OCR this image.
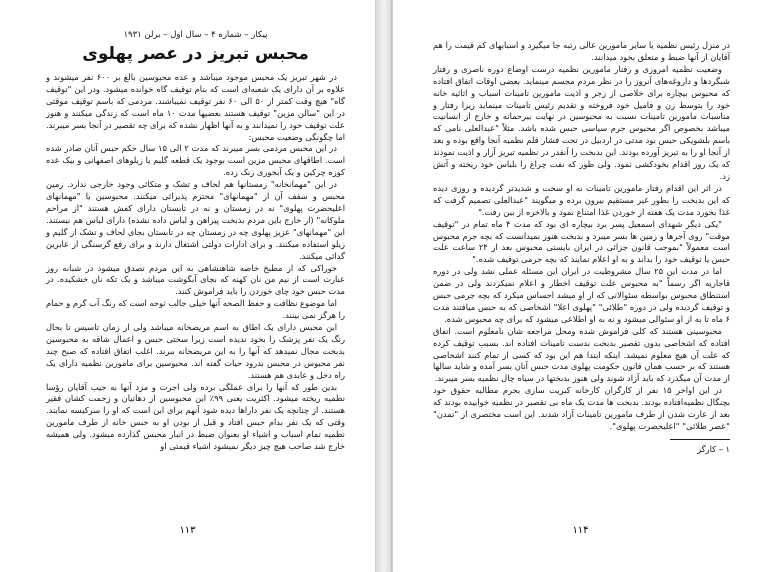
پیکار – شماره ۴ – سال اول – برلن ۱۹۳۱

محبس تبریز در عصر پهلوی

در شهر تبریز یک محبس موجود میباشد و عده محبوسین بالغ بر ۶۰۰ نفر میشوند و علاوه بر آن دارای یک شعبه‌ای است که بنام توقیف گاه خوانده میشود. ودر این "توقیف گاه" هیچ وقت کمتر از ۵۰ الی ۶۰ نفر توقیف نمیباشند. مردمی که باسم توقیف موقتی در این "سالن مزین" توقیف هستند بعضیها مدت ۱۰ ماه است که زندگی میکنند و هنوز علت توقیف خود را نمیدانند و به آنها اظهار نشده که برای چه تقصیر در آنجا بسر میبرند. اما چگونگی وضعیت محبس:

در این محبس مردمی بسر میبرند که مدت ۲ الی ۱۵ سال حکم حبس آنان صادر شده است. اطاقهای محبس مزین است بوجود یک قطعه گلیم یا زیلوهای اصفهانی و بیک عده کوزه چرکین و یک آبخوری زنک زده.

در این "مهمانخانه" زمستانها هم لحاف و تشک و متکائی وجود خارجی ندارد. زمین محبس و سقف آن از "مهمانهای" محترم پذیرائی میکنند. محبوسین یا "مهمانهای اعلیحضرت پهلوی" نه در زمستان و نه در تابستان دارای کفش هستند "از مراحم ملوکانه" (از خارج باین مردم بدبخت پیراهن و لباس داده نشده) دارای لباس هم نیستند. این "مهمانهای" عزیز پهلوی چه در زمستان چه در تابستان بجای لحاف و تشک از گلیم و زیلو استفاده میکنند. و برای ادارات دولتی اشتغال دارند و برای رفع گرسنگی از عابرین گدائی میکنند.

خوراکی که از مطبخ خاصه شاهنشاهی به این مردم تصدق میشود در شبانه روز عبارت است از نیم من نان کهنه که بجای آبگوشت میباشد و یک تکه نان خشکیده. در مدت حبس خود چای خوردن را باید فراموش کنند.

اما موضوع نظافت و حفظ الصحه آنها خیلی جالب توجه است که رنگ آب گرم و حمام را هرگز نمی بینند.

این محبس دارای یک اطاق به اسم مریضخانه میباشد ولی از زمان تاسیس تا بحال رنگ یک نفر پزشک را بخود ندیده است زیرا سختی حبس و اعمال شاقه به محبوسین بدبخت مجال نمیدهد که آنها را به این مریضخانه ببرند. اغلب اتفاق افتاده که صبح چند نفر محبوس در محبس بدرود حیات گفته اند. محبوسین برای مامورین نظمیه دارای یک راه دخل و عایدی هم هستند.

بدین طور که آنها را برای عملگی برده ولی اجرت و مزد آنها به جیب آقایان رؤسا نظمیه ریخته میشود. اکثریت یعنی ۹۹٪ این محبوسین از دهاتیان و زحمت کشان فقیر هستند. از چنانچه یک نفر داراها دیده شود آنهم برای این است که او را سرکیسه نمایند. وقتی که یک نفر بدام حبس افتاد و قبل از بودن او به حبس خانه از طرف مامورین نظمیه تمام اسباب و اشیاء او بعنوان ضبط در انبار محبس گذارده میشود. ولی همیشه خارج شد صاحب هیچ چیز دیگر نمیشود اشیاء قیمتی او

۱۱۳

در منزل رئیس نظمیه یا سایر مامورین عالی رتبه جا میگیرد و اسبابهای کم قیمت را هم آقایان از آنها ضبط و متعلق بخود میدانند.

وضعیت نظمیه امروزی و رفتار مامورین نظمیه درست اوضاع دوره ناصری و رفتار شبگردها و داروغه‌های آنروز را در نظر مردم مجسم مینماید. بعضی اوقات اتفاق افتاده که محبوس بیچاره برای خلاصی از زجر و اذیت مامورین تامینات اسباب و اثاثیه خانه خود را بتوسط زن و فامیل خود فروخته و تقدیم رئیس تامینات مینماید زیرا رفتار و مناسبات مامورین تامینات نسبت به محبوسین در نهایت بیرحمانه و خارج از انسانیت میباشد بخصوص اگر محبوس جرم سیاسی حبس شده باشد. مثلاً "عبدالعلی نامی که باسم بلشویکی حبس بود مدتی در اردبیل در تحت فشار قلم نظمیه آنجا واقع بوده و بعد از آنجا او را به تبریز آورده بودند. این بدبخت را آنقدر در نظمیه تبریز آزار و اذیت نمودند که یک روز اقدام بخودکشی نمود. ولی طور که نفت چراغ را بلباس خود ریخته و آتش زد.

در اثر این اقدام رفتار مامورین تامینات نه او سخت و شدیدتر گردیده و روزی دیده که این بدبخت را بطور غیر مستقیم بیرون برده و میگویند "عبدالعلی تصمیم گرفت که غذا بخورد مدت یک هفته از خوردن غذا امتناع نمود و بالاخره از بین رفت."

"یکی دیگر شهدای اسمعیل پسر برد بیچاره ای بود که مدت ۴ ماه تمام در "توقیف موقت" روی آجرها و زمین ها بسر میبرد و بدبخت هنوز نمیدانست که بچه جرم محبوس است معمولاً "بموجب قانون جزائی در ایران بایستی محبوس بعد از ۲۴ ساعت علت حبس یا توقیف خود را بداند و به او اعلام نمایند که بچه جرمی توقیف شده."

اما در مدت این ۲۵ سال مشروطیت در ایران این مسئله عملی نشد ولی در دوره قاجاریه اگر رسماً "به محبوس علت توقیف اخطار و اعلام نمیکردند ولی در ضمن استنطاق محبوس بواسطه سئوالاتی که از او میشد احساس میکرد که بچه جرمی حبس و توقیف گردیده ولی در دوره "طلائی" "پهلوی اعلا" اشخاصی که به حبس میافتند مدت ۶ ماه تا به از او سئوالی میشود و نه به او اطلاعی میشود که برای چه محبوس شده.

محبوسینی هستند که کلی فراموش شده ومحل مراجعه شان نامعلوم است. اتفاق افتاده که اشخاصی بدون تقصیر بدبخت بدست تامینات افتاده اند. بسبب توقیف کرده که علت آن هیچ معلوم نمیشد. اینکه ابتدا هم این بود که کسی از تمام کنند اشخاصی هستند که بر حسب همان قانون حکومت پهلوی مدت حبس آنان بسر آمده و شاید سالها از مدت آن میگذرد که باید آزاد شوند ولی هنوز بدبختها در سیاه چال نظمیه بسر میبرند.

در این اواخر ۱۵ نفر از کارگران کارخانه کبریت سازی بجرم مطالبه حقوق خود بچنگال نظمیه‌افتاده بودند. بدبخت ها مدت یک ماه بی تقصیر در نظمیه خوابیده بودند که بعد از عارت شدن از طرف مامورین تامینات آزاد شدند. این است مختصری از "تمدن" "عصر طلائی" "اعلیحضرت پهلوی".

۱ – کارگر

۱۱۴
